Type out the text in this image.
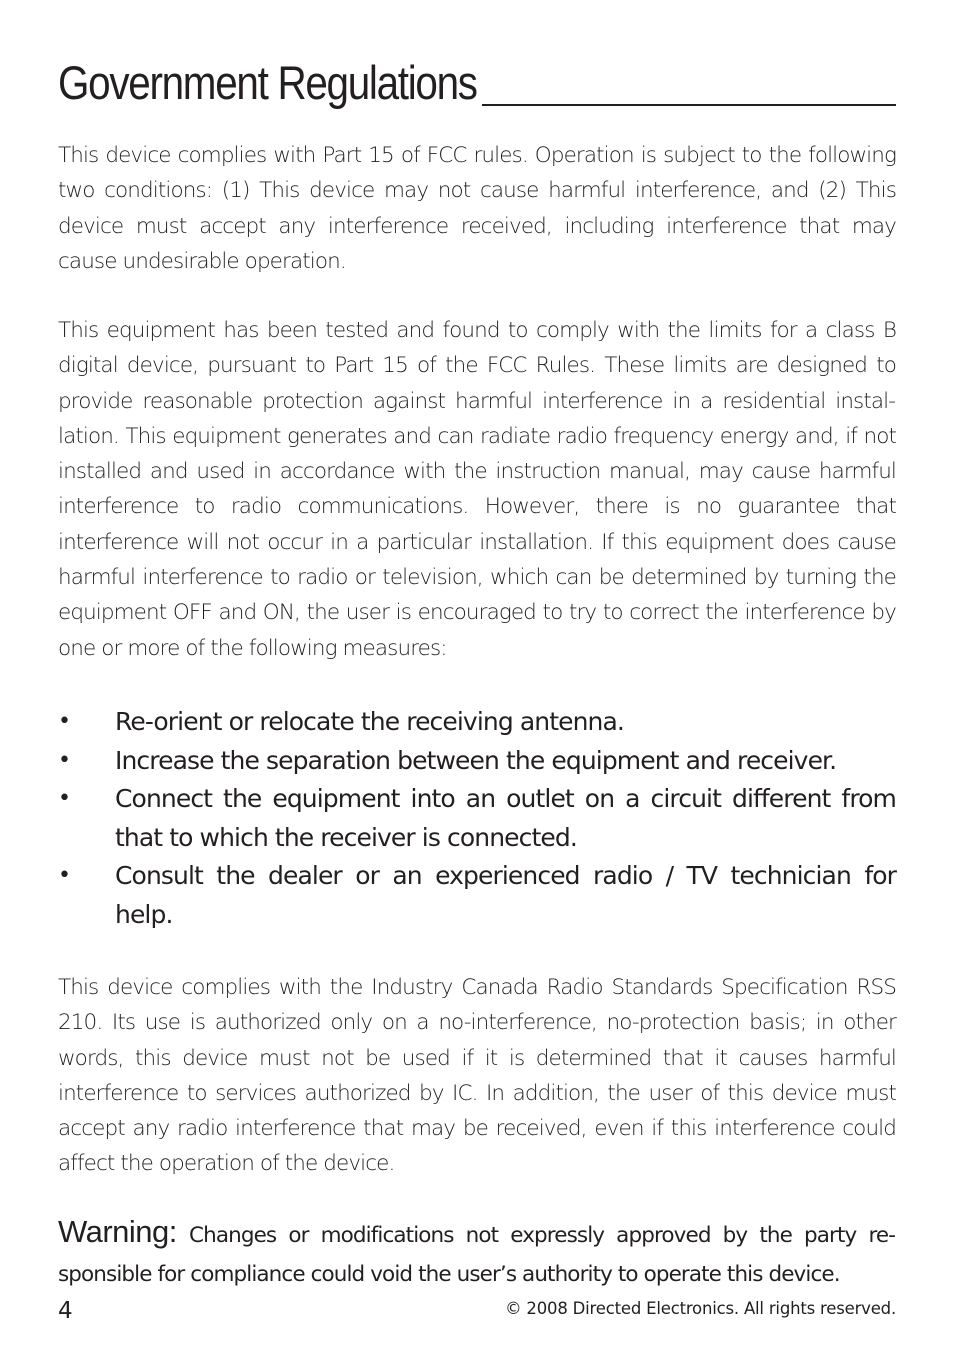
Government Regulations

This device complies with Part 15 of FCC rules. Operation is subject to the following two conditions: (1) This device may not cause harmful interference, and (2) This device must accept any interference received, including interference that may cause undesirable operation.

This equipment has been tested and found to comply with the limits for a class B digital device, pursuant to Part 15 of the FCC Rules. These limits are designed to provide reasonable protection against harmful interference in a residential installation. This equipment generates and can radiate radio frequency energy and, if not installed and used in accordance with the instruction manual, may cause harmful interference to radio communications. However, there is no guarantee that interference will not occur in a particular installation. If this equipment does cause harmful interference to radio or television, which can be determined by turning the equipment OFF and ON, the user is encouraged to try to correct the interference by one or more of the following measures:

• Re-orient or relocate the receiving antenna.
• Increase the separation between the equipment and receiver.
• Connect the equipment into an outlet on a circuit different from that to which the receiver is connected.
• Consult the dealer or an experienced radio / TV technician for help.

This device complies with the Industry Canada Radio Standards Specification RSS 210. Its use is authorized only on a no-interference, no-protection basis; in other words, this device must not be used if it is determined that it causes harmful interference to services authorized by IC. In addition, the user of this device must accept any radio interference that may be received, even if this interference could affect the operation of the device.

Warning: Changes or modifications not expressly approved by the party responsible for compliance could void the user’s authority to operate this device.

4	© 2008 Directed Electronics. All rights reserved.
